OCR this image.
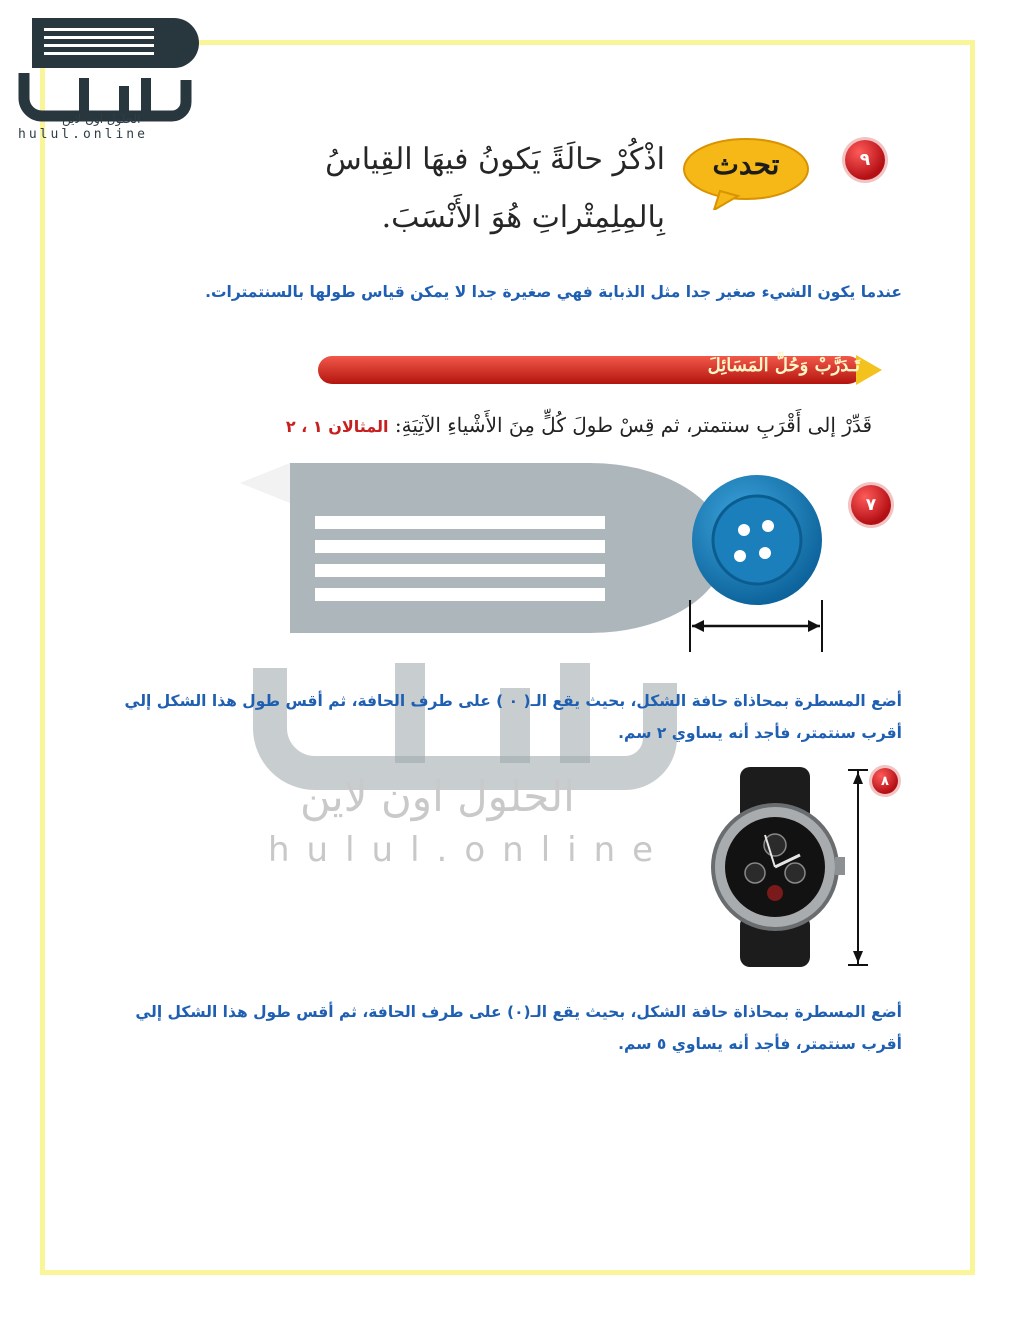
الحلول اون لاين
hulul.online
٩
تحدث
اذْكُرْ حالَةً يَكونُ فيهَا القِياسُ
بِالمِلِمِتْراتِ هُوَ الأَنْسَبَ.
عندما يكون الشيء صغير جدا مثل الذبابة فهي صغيرة جدا لا يمكن قياس طولها بالسنتمترات.
تَـدَرَّبْ وَحُلَّ المَسَائِلَ
قَدِّرْ إلى أَقْرَبِ سنتمتر، ثم قِسْ طولَ كُلٍّ مِنَ الأَشْياءِ الآتِيَةِ: المثالان ١ ، ٢
الحلول اون لاين
hulul.online
٧
أضع المسطرة بمحاذاة حافة الشكل، بحيث يقع الـ( ٠ ) على طرف الحافة، ثم أقس طول هذا الشكل إلي
أقرب سنتمتر، فأجد أنه يساوي ٢ سم.
٨
أضع المسطرة بمحاذاة حافة الشكل، بحيث يقع الـ(٠) على طرف الحافة، ثم أقس طول هذا الشكل إلي
أقرب سنتمتر، فأجد أنه يساوي ٥ سم.
